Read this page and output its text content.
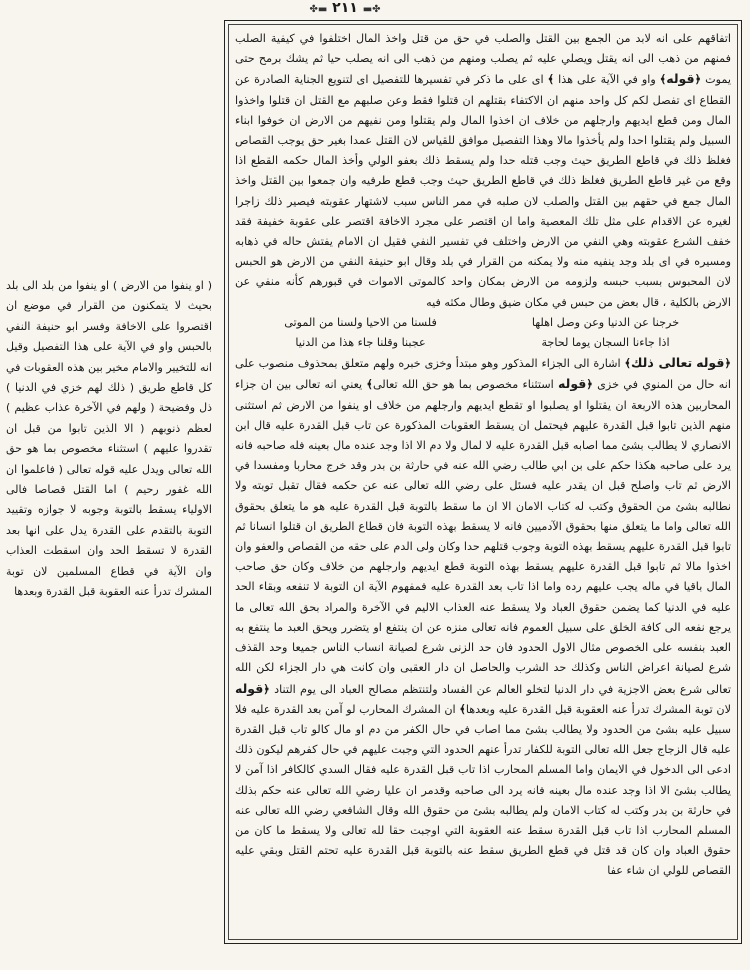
✤▬ ٢١١ ▬✤

اتفاقهم على انه لابد من الجمع بين القتل والصلب في حق من قتل واخذ المال اختلفوا في كيفية الصلب فمنهم من ذهب الى انه يقتل ويصلي عليه ثم يصلب ومنهم من ذهب الى انه يصلب حيا ثم يشك برمح حتى يموت ﴿قوله﴾ واو في الآية على هذا ﴾ اى على ما ذكر في تفسيرها للتفصيل اى لتنويع الجناية الصادرة عن القطاع اى تفصل لكم كل واحد منهم ان الاكتفاء بقتلهم ان قتلوا فقط وعن صلبهم مع القتل ان قتلوا واخذوا المال ومن قطع ايديهم وارجلهم من خلاف ان اخذوا المال ولم يقتلوا ومن نفيهم من الارض ان خوفوا ابناء السبيل ولم يقتلوا احدا ولم يأخذوا مالا وهذا التفصيل موافق للقياس لان القتل عمدا بغير حق يوجب القصاص فغلظ ذلك في قاطع الطريق حيث وجب قتله حدا ولم يسقط ذلك بعفو الولي وأخذ المال حكمه القطع اذا وقع من غير قاطع الطريق فغلظ ذلك في قاطع الطريق حيث وجب قطع طرفيه وان جمعوا بين القتل واخذ المال جمع في حقهم بين القتل والصلب لان صلبه في ممر الناس سبب لاشتهار عقوبته فيصير ذلك زاجرا لغيره عن الاقدام على مثل تلك المعصية واما ان اقتصر على مجرد الاخافة اقتصر على عقوبة خفيفة فقد خفف الشرع عقوبته وهي النفي من الارض واختلف في تفسير النفي فقيل ان الامام يفتش حاله في ذهابه ومسيره في اى بلد وجد ينفيه منه ولا يمكنه من القرار في بلد وقال ابو حنيفة النفي من الارض هو الحبس لان المحبوس بسبب حبسه ولزومه من الارض بمكان واحد كالموتى الاموات في قبورهم كأنه منفي عن الارض بالكلية ، قال بعض من حبس في مكان ضيق وطال مكثه فيه

خرجنا عن الدنيا وعن وصل اهلها
فلسنا من الاحيا ولسنا من الموتى
اذا جاءنا السجان يوما لحاجة
عجبنا وقلنا جاء هذا من الدنيا

﴿قوله تعالى ذلك﴾ اشارة الى الجزاء المذكور وهو مبتدأ وخزى خبره ولهم متعلق بمحذوف منصوب على انه حال من المنوي في خزى ﴿قوله استثناء مخصوص بما هو حق الله تعالى﴾ يعني انه تعالى بين ان جزاء المحاربين هذه الاربعة ان يقتلوا او يصلبوا او تقطع ايديهم وارجلهم من خلاف او ينفوا من الارض ثم استثنى منهم الذين تابوا قبل القدرة عليهم فيحتمل ان يسقط العقوبات المذكورة عن تاب قبل القدرة عليه قال ابن الانصاري لا يطالب بشئ مما اصابه قبل القدرة عليه لا لمال ولا دم الا اذا وجد عنده مال بعينه فله صاحبه فانه يرد على صاحبه هكذا حكم على بن ابي طالب رضي الله عنه في حارثة بن بدر وقد خرج محاربا ومفسدا في الارض ثم تاب واصلح قبل ان يقدر عليه فسئل على رضي الله تعالى عنه عن حكمه فقال تقبل توبته ولا نطالبه بشئ من الحقوق وكتب له كتاب الامان الا ان ما سقط بالتوبة قبل القدرة عليه هو ما يتعلق بحقوق الله تعالى واما ما يتعلق منها بحقوق الآدميين فانه لا يسقط بهذه التوبة فان قطاع الطريق ان قتلوا انسانا ثم تابوا قبل القدرة عليهم يسقط بهذه التوبة وجوب قتلهم حدا وكان ولى الدم على حقه من القصاص والعفو وان اخذوا مالا ثم تابوا قبل القدرة عليهم يسقط بهذه التوبة قطع ايديهم وارجلهم من خلاف وكان حق صاحب المال باقيا في ماله يجب عليهم رده واما اذا تاب بعد القدرة عليه فمفهوم الآية ان التوبة لا تنفعه وبقاء الحد عليه في الدنيا كما يضمن حقوق العباد ولا يسقط عنه العذاب الاليم في الآخرة والمراد بحق الله تعالى ما يرجع نفعه الى كافة الخلق على سبيل العموم فانه تعالى منزه عن ان ينتفع او يتضرر ويحق العبد ما ينتفع به العبد بنفسه على الخصوص مثال الاول الحدود فان حد الزنى شرع لصيانة انساب الناس جميعا وحد القذف شرع لصيانة اعراض الناس وكذلك حد الشرب والحاصل ان دار العقبى وان كانت هي دار الجزاء لكن الله تعالى شرع بعض الاجزية في دار الدنيا لتخلو العالم عن الفساد ولتنتظم مصالح العباد الى يوم التناد ﴿قوله لان توبة المشرك تدرأ عنه العقوبة قبل القدرة عليه وبعدها﴾ ان المشرك المحارب لو آمن بعد القدرة عليه فلا سبيل عليه بشئ من الحدود ولا يطالب بشئ مما اصاب في حال الكفر من دم او مال كالو تاب قبل القدرة عليه قال الزجاج جعل الله تعالى التوبة للكفار تدرأ عنهم الحدود التي وجبت عليهم في حال كفرهم ليكون ذلك ادعى الى الدخول في الايمان واما المسلم المحارب اذا تاب قبل القدرة عليه فقال السدي كالكافر اذا آمن لا يطالب بشئ الا اذا وجد عنده مال بعينه فانه يرد الى صاحبه وقدمر ان عليا رضي الله تعالى عنه حكم بذلك في حارثة بن بدر وكتب له كتاب الامان ولم يطالبه بشئ من حقوق الله وقال الشافعي رضي الله تعالى عنه المسلم المحارب اذا تاب قبل القدرة سقط عنه العقوبة التي اوجبت حقا لله تعالى ولا يسقط ما كان من حقوق العباد وان كان قد قتل في قطع الطريق سقط عنه بالتوبة قبل القدرة عليه تحتم القتل وبقي عليه القصاص للولي ان شاء عفا

( او ينفوا من الارض ) او ينفوا من بلد الى بلد بحيث لا يتمكنون من القرار في موضع ان اقتصروا على الاخافة وفسر ابو حنيفة النفي بالحبس واو في الآية على هذا التفصيل وقيل انه للتخيير والامام مخير بين هذه العقوبات في كل قاطع طريق ( ذلك لهم خزي في الدنيا ) ذل وفضيحة ( ولهم في الآخرة عذاب عظيم ) لعظم ذنوبهم ( الا الذين تابوا من قبل ان تقدروا عليهم ) استثناء مخصوص بما هو حق الله تعالى ويدل عليه قوله تعالى ( فاعلموا ان الله غفور رحيم ) اما القتل قصاصا فالى الاولياء يسقط بالتوبة وجوبه لا جوازه وتقييد التوبة بالتقدم على القدرة يدل على انها بعد القدرة لا تسقط الحد وان اسقطت العذاب وان الآية في قطاع المسلمين لان توبة المشرك تدرأ عنه العقوبة قبل القدرة وبعدها
